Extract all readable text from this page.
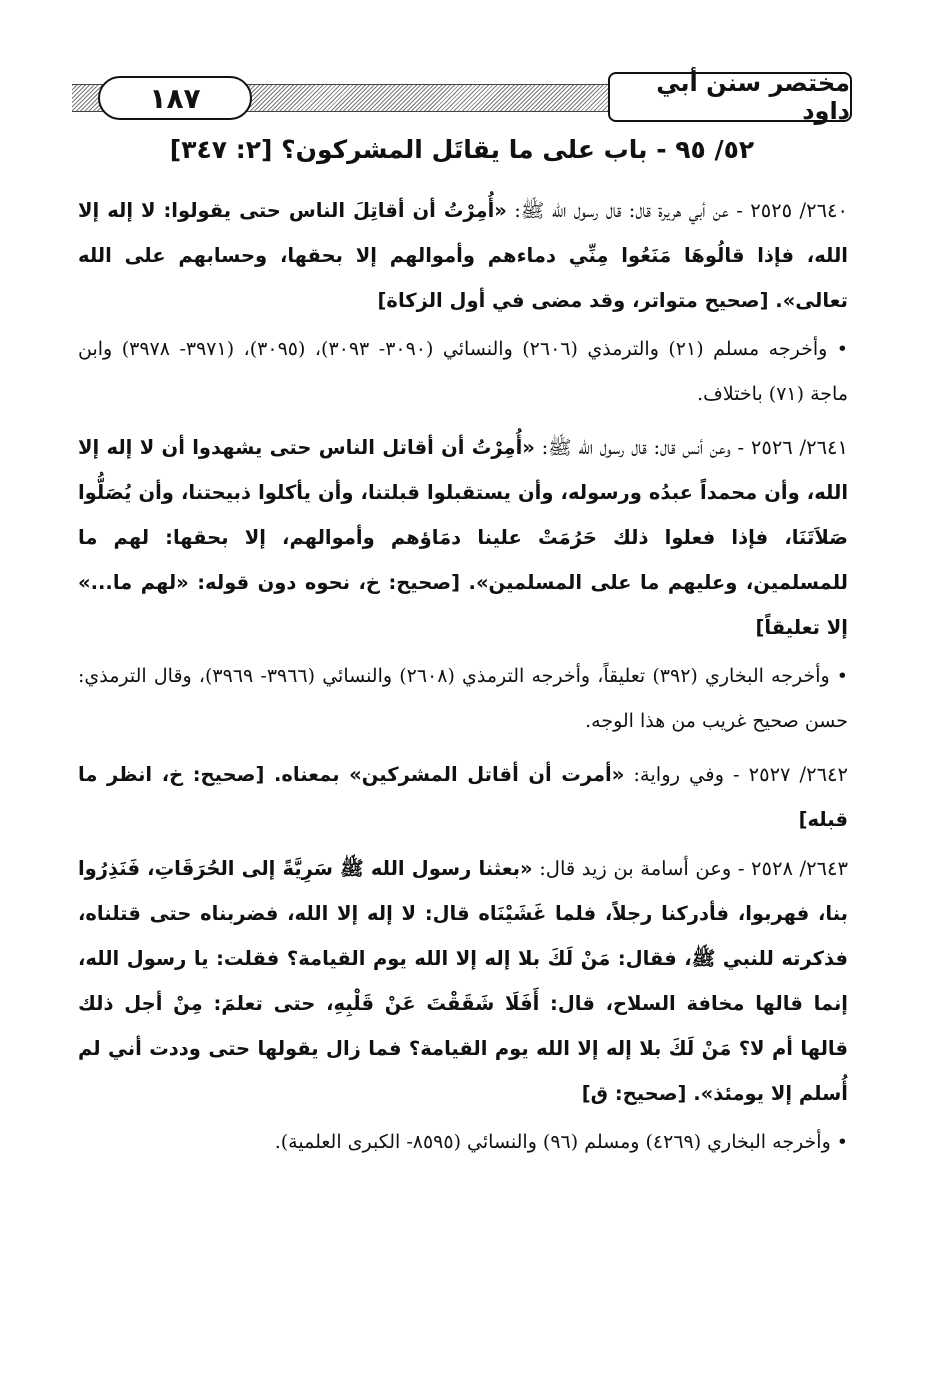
١٨٧	مختصر سنن أبي داود
٥٢/ ٩٥ - باب على ما يقاتَل المشركون؟ [٢: ٣٤٧]

٢٦٤٠/ ٢٥٢٥ - عن أبي هريرة قال: قال رسول الله ﷺ: «أُمِرْتُ أن أقاتِلَ الناس حتى يقولوا: لا إله إلا الله، فإذا قالُوهَا مَنَعُوا مِنِّي دماءهم وأموالهم إلا بحقها، وحسابهم على الله تعالى». [صحيح متواتر، وقد مضى في أول الزكاة]

• وأخرجه مسلم (٢١) والترمذي (٢٦٠٦) والنسائي (٣٠٩٠- ٣٠٩٣)، (٣٠٩٥)، (٣٩٧١- ٣٩٧٨) وابن ماجة (٧١) باختلاف.

٢٦٤١/ ٢٥٢٦ - وعن أنس قال: قال رسول الله ﷺ: «أُمِرْتُ أن أقاتل الناس حتى يشهدوا أن لا إله إلا الله، وأن محمداً عبدُه ورسوله، وأن يستقبلوا قبلتنا، وأن يأكلوا ذبيحتنا، وأن يُصَلُّوا صَلاَتَنَا، فإذا فعلوا ذلك حَرُمَتْ علينا دمَاؤهم وأموالهم، إلا بحقها: لهم ما للمسلمين، وعليهم ما على المسلمين». [صحيح: خ، نحوه دون قوله: «لهم ما...» إلا تعليقاً]

• وأخرجه البخاري (٣٩٢) تعليقاً، وأخرجه الترمذي (٢٦٠٨) والنسائي (٣٩٦٦- ٣٩٦٩)، وقال الترمذي: حسن صحيح غريب من هذا الوجه.

٢٦٤٢/ ٢٥٢٧ - وفي رواية: «أمرت أن أقاتل المشركين» بمعناه. [صحيح: خ، انظر ما قبله]

٢٦٤٣/ ٢٥٢٨ - وعن أسامة بن زيد قال: «بعثنا رسول الله ﷺ سَرِيَّةً إلى الحُرَقَاتِ، فَنَذِرُوا بنا، فهربوا، فأدركنا رجلاً، فلما غَشَيْنَاه قال: لا إله إلا الله، فضربناه حتى قتلناه، فذكرته للنبي ﷺ، فقال: مَنْ لَكَ بلا إله إلا الله يوم القيامة؟ فقلت: يا رسول الله، إنما قالها مخافة السلاح، قال: أَفَلَا شَقَقْتَ عَنْ قَلْبِهِ، حتى تعلمَ: مِنْ أجل ذلك قالها أم لا؟ مَنْ لَكَ بلا إله إلا الله يوم القيامة؟ فما زال يقولها حتى وددت أني لم أُسلم إلا يومئذ». [صحيح: ق]

• وأخرجه البخاري (٤٢٦٩) ومسلم (٩٦) والنسائي (٨٥٩٥- الكبرى العلمية).
